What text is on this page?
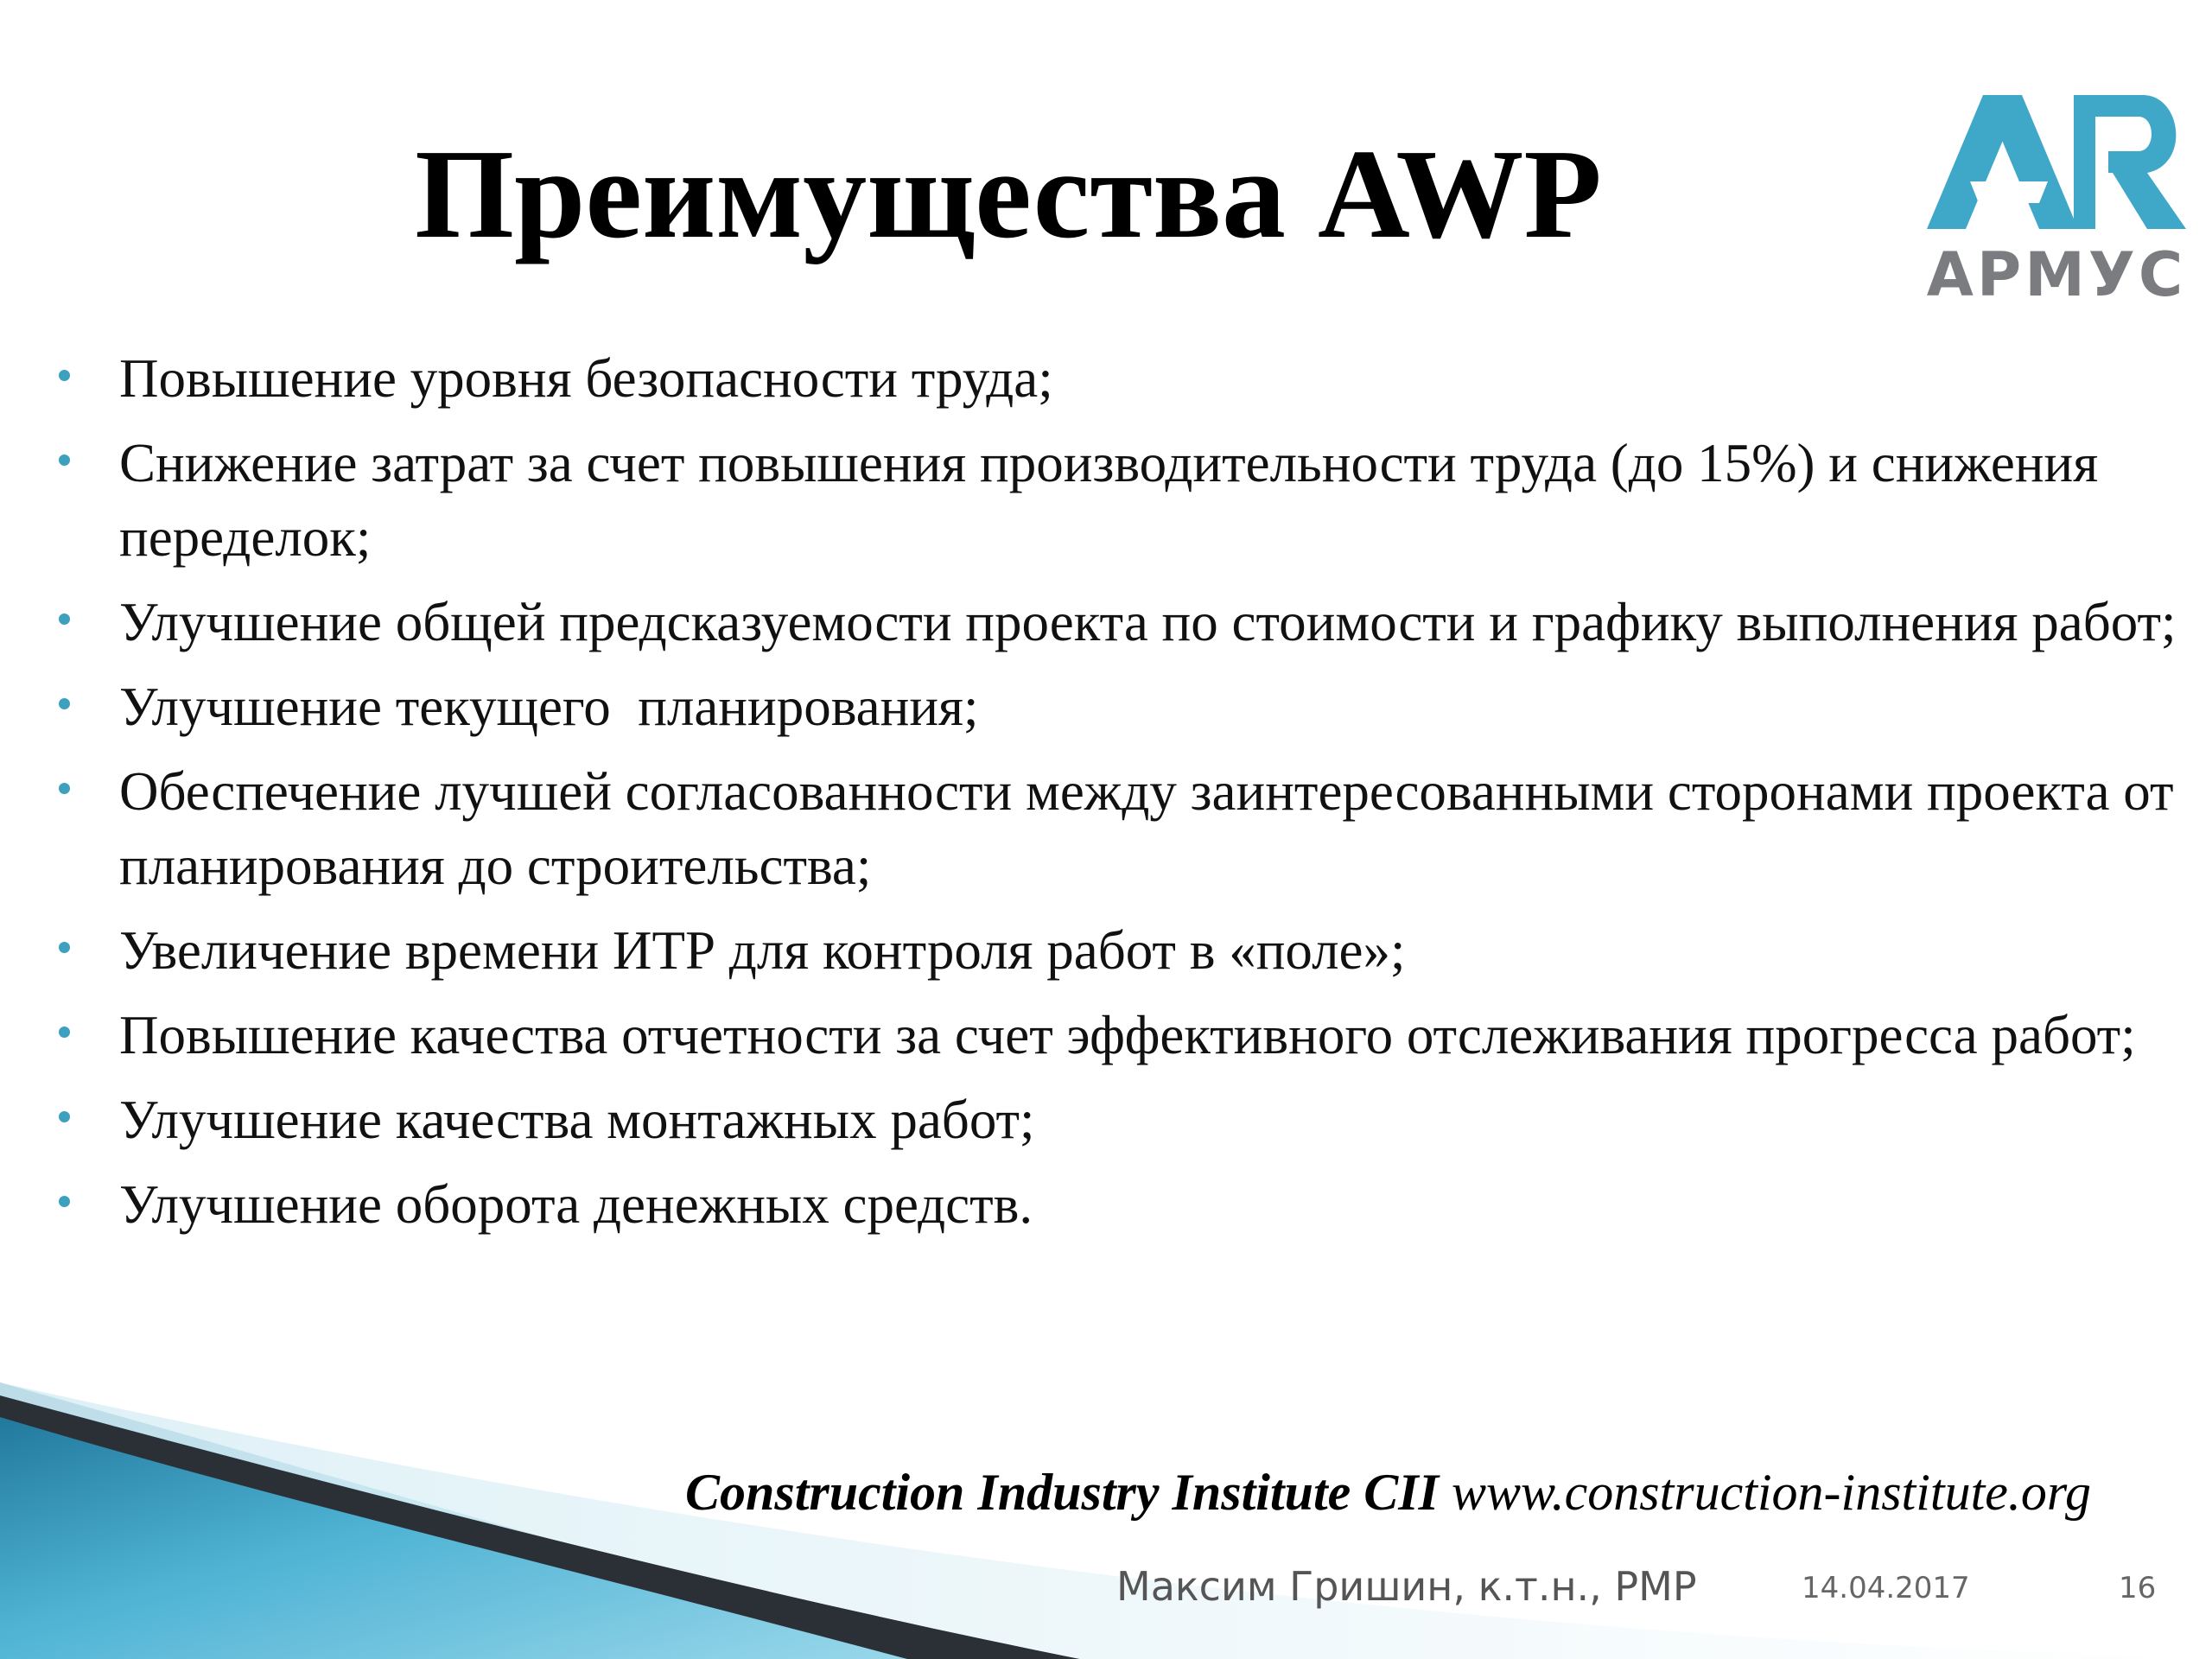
Преимущества AWP
АРМУС
Повышение уровня безопасности труда;
Снижение затрат за счет повышения производительности труда (до 15%) и снижения переделок;
Улучшение общей предсказуемости проекта по стоимости и графику выполнения работ;
Улучшение текущего  планирования;
Обеспечение лучшей согласованности между заинтересованными сторонами проекта от планирования до строительства;
Увеличение времени ИТР для контроля работ в «поле»;
Повышение качества отчетности за счет эффективного отслеживания прогресса работ;
Улучшение качества монтажных работ;
Улучшение оборота денежных средств.
Construction Industry Institute CII www.construction-institute.org
Максим Гришин, к.т.н., PMP	14.04.2017	16
